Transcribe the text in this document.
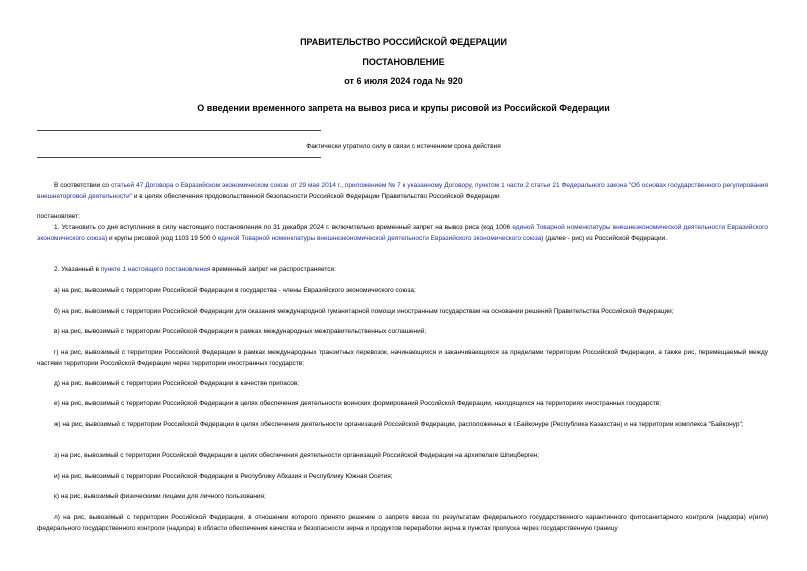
ПРАВИТЕЛЬСТВО РОССИЙСКОЙ ФЕДЕРАЦИИ
ПОСТАНОВЛЕНИЕ
от 6 июля 2024 года № 920
О введении временного запрета на вывоз риса и крупы рисовой из Российской Федерации
Фактически утратило силу в связи с истечением срока действия

В соответствии со статьей 47 Договора о Евразийском экономическом союзе от 29 мая 2014 г., приложением № 7 к указанному Договору, пунктом 1 части 2 статьи 21 Федерального закона "Об основах государственного регулирования внешнеторговой деятельности" и в целях обеспечения продовольственной безопасности Российской Федерации Правительство Российской Федерации

постановляет:

1. Установить со дня вступления в силу настоящего постановления по 31 декабря 2024 г. включительно временный запрет на вывоз риса (код 1006 единой Товарной номенклатуры внешнеэкономической деятельности Евразийского экономического союза) и крупы рисовой (код 1103 19 500 0 единой Товарной номенклатуры внешнеэкономической деятельности Евразийского экономического союза) (далее - рис) из Российской Федерации.

2. Указанный в пункте 1 настоящего постановления временный запрет не распространяется:

а) на рис, вывозимый с территории Российской Федерации в государства - члены Евразийского экономического союза;

б) на рис, вывозимый с территории Российской Федерации для оказания международной гуманитарной помощи иностранным государствам на основании решений Правительства Российской Федерации;

в) на рис, вывозимый с территории Российской Федерации в рамках международных межправительственных соглашений;

г) на рис, вывозимый с территории Российской Федерации в рамках международных транзитных перевозок, начинающихся и заканчивающихся за пределами территории Российской Федерации, а также рис, перемещаемый между частями территории Российской Федерации через территории иностранных государств;

д) на рис, вывозимый с территории Российской Федерации в качестве припасов;

е) на рис, вывозимый с территории Российской Федерации в целях обеспечения деятельности воинских формирований Российской Федерации, находящихся на территориях иностранных государств;

ж) на рис, вывозимый с территории Российской Федерации в целях обеспечения деятельности организаций Российской Федерации, расположенных в г.Байконуре (Республика Казахстан) и на территории комплекса "Байконур";

з) на рис, вывозимый с территории Российской Федерации в целях обеспечения деятельности организаций Российской Федерации на архипелаге Шпицберген;

и) на рис, вывозимый с территории Российской Федерации в Республику Абхазия и Республику Южная Осетия;

к) на рис, вывозимый физическими лицами для личного пользования;

л) на рис, вывозимый с территории Российской Федерации, в отношении которого принято решение о запрете ввоза по результатам федерального государственного карантинного фитосанитарного контроля (надзора) и(или) федерального государственного контроля (надзора) в области обеспечения качества и безопасности зерна и продуктов переработки зерна в пунктах пропуска через государственную границу
